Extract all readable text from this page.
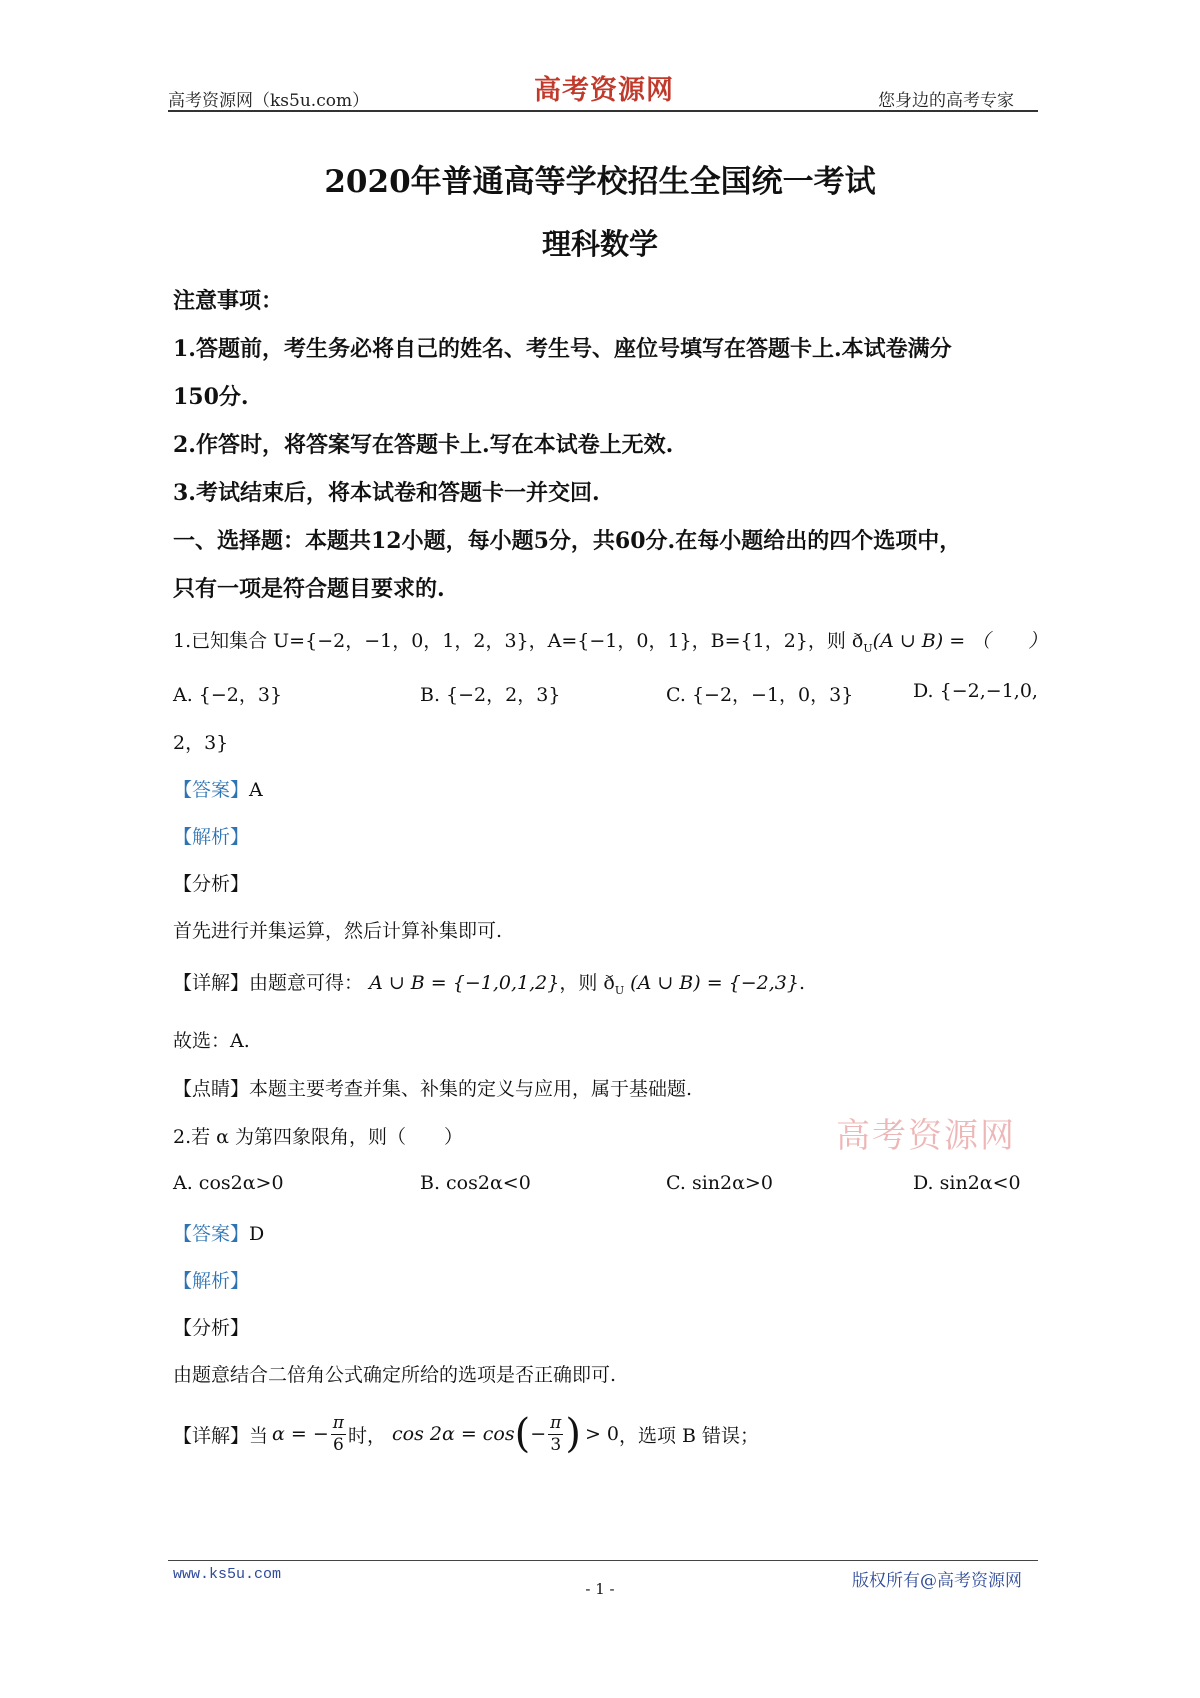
高考资源网（ks5u.com）	高考资源网	您身边的高考专家
2020年普通高等学校招生全国统一考试
理科数学
注意事项：
1.答题前，考生务必将自己的姓名、考生号、座位号填写在答题卡上.本试卷满分
150分.
2.作答时，将答案写在答题卡上.写在本试卷上无效.
3.考试结束后，将本试卷和答题卡一并交回.
一、选择题：本题共12小题，每小题5分，共60分.在每小题给出的四个选项中，
只有一项是符合题目要求的.
1.已知集合 U={−2，−1，0，1，2，3}，A={−1，0，1}，B={1，2}，则 $ð_U(A$ ∪ B) = （　　）
A. {−2，3}	B. {−2，2，3}	C. {−2，−1，0，3}	D. {−2,−1,0,
2，3}
【答案】A
【解析】
【分析】
首先进行并集运算，然后计算补集即可.
【详解】由题意可得： A ∪ B = {−1,0,1,2}，则 $ð_U$ (A ∪ B) = {−2,3}.
故选：A.
【点睛】本题主要考查并集、补集的定义与应用，属于基础题.
高考资源网
2.若 α 为第四象限角，则（　　）
A. cos2α>0	B. cos2α<0	C. sin2α>0	D. sin2α<0
【答案】D
【解析】
【分析】
由题意结合二倍角公式确定所给的选项是否正确即可.
【详解】 当 α = − $\frac{\pi}{6}$ 时， cos 2α = cos ( − $\frac{\pi}{3}$ ) > 0 ，选项 B 错误；
www.ks5u.com
- 1 -	版权所有@高考资源网
